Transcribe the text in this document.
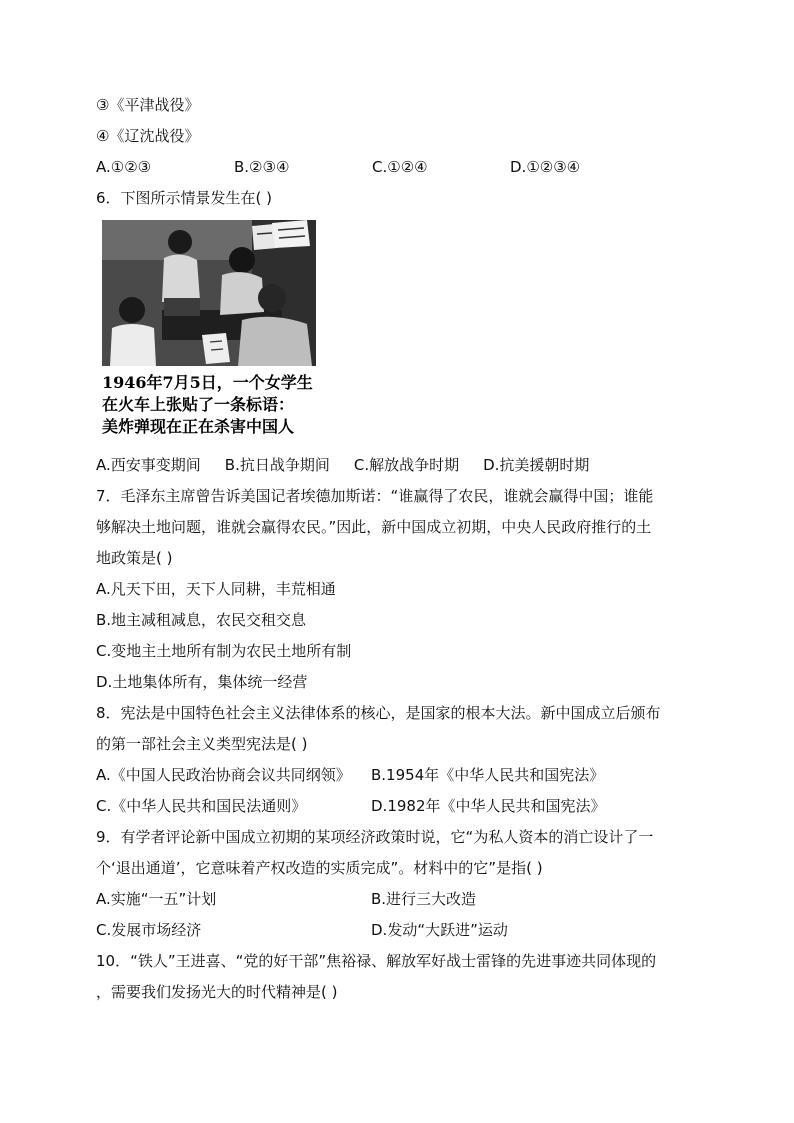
③《平津战役》
④《辽沈战役》
A.①②③	B.②③④	C.①②④	D.①②③④
6．下图所示情景发生在( )
1946年7月5日，一个女学生
在火车上张贴了一条标语：
美炸弹现在正在杀害中国人
A.西安事变期间 B.抗日战争期间 C.解放战争时期 D.抗美援朝时期
7．毛泽东主席曾告诉美国记者埃德加斯诺：“谁赢得了农民，谁就会赢得中国；谁能
够解决土地问题，谁就会赢得农民。”因此，新中国成立初期，中央人民政府推行的土
地政策是( )
A.凡天下田，天下人同耕，丰荒相通
B.地主减租减息，农民交租交息
C.变地主土地所有制为农民土地所有制
D.土地集体所有，集体统一经营
8．宪法是中国特色社会主义法律体系的核心，是国家的根本大法。新中国成立后颁布
的第一部社会主义类型宪法是( )
A.《中国人民政治协商会议共同纲领》	B.1954年《中华人民共和国宪法》
C.《中华人民共和国民法通则》	D.1982年《中华人民共和国宪法》
9．有学者评论新中国成立初期的某项经济政策时说，它“为私人资本的消亡设计了一
个‘退出通道’，它意味着产权改造的实质完成”。材料中的它”是指( )
A.实施“一五”计划	B.进行三大改造
C.发展市场经济	D.发动“大跃进”运动
10．“铁人”王进喜、“党的好干部”焦裕禄、解放军好战士雷锋的先进事迹共同体现的
，需要我们发扬光大的时代精神是( )
